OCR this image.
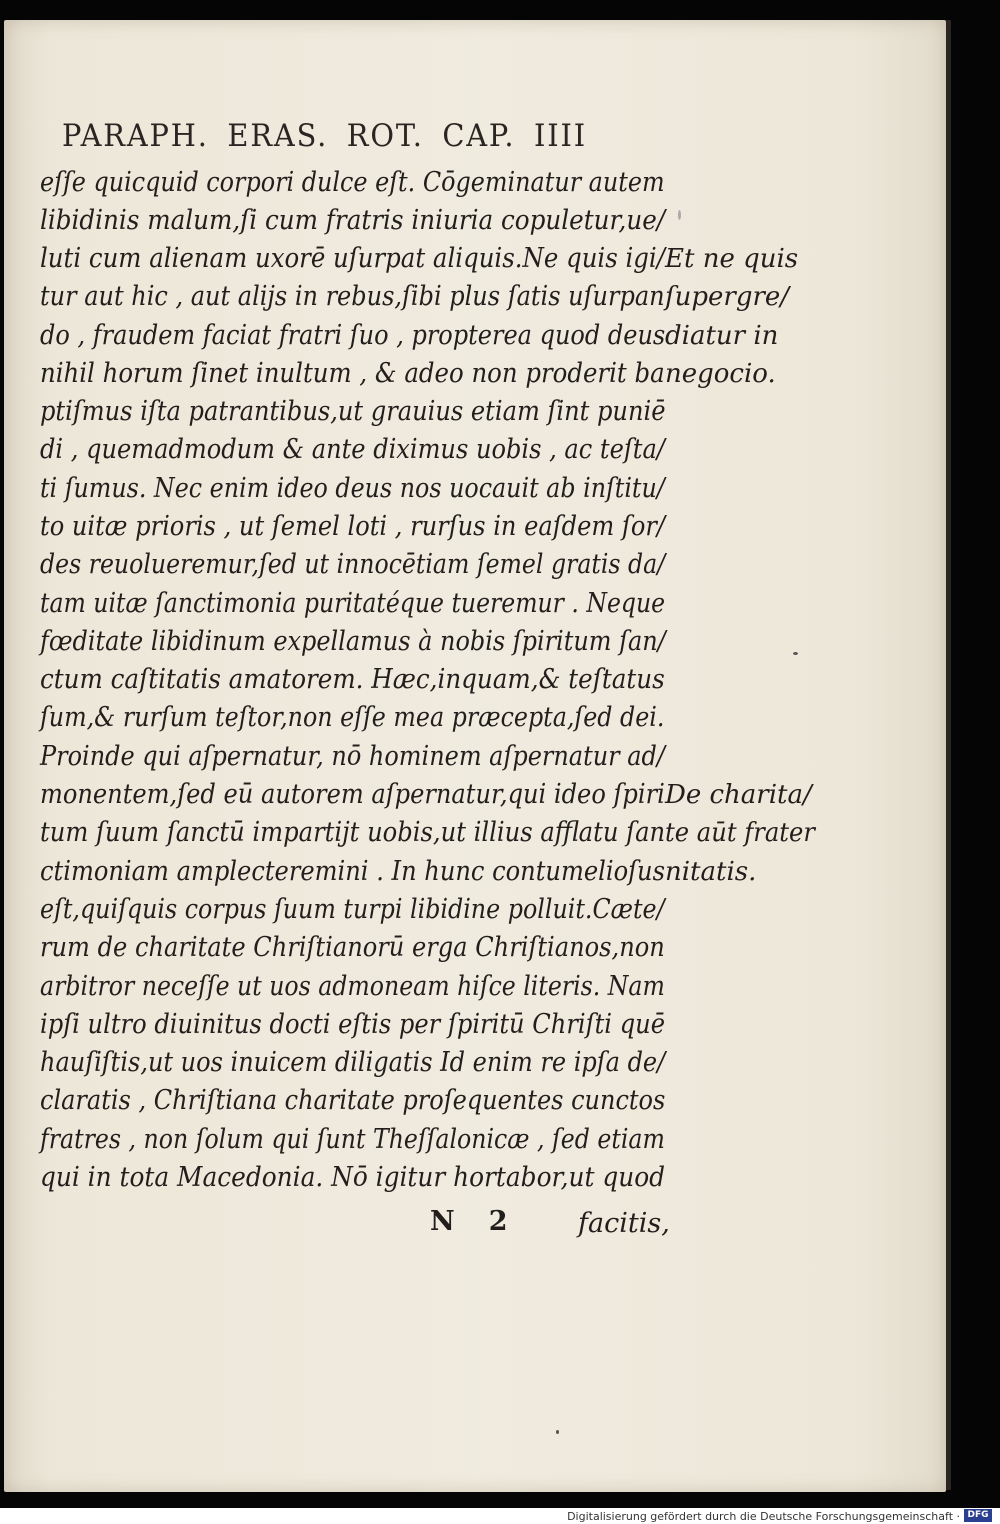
PARAPH. ERAS. ROT. CAP. IIII
eſſe quicquid corpori dulce eſt. Cōgeminatur autem
libidinis malum,ſi cum fratris iniuria copuletur,ue/
luti cum alienam uxorē uſurpat aliquis.Ne quis igi/
tur aut hic , aut aliјs in rebus,ſibi plus ſatis uſurpan
do , fraudem faciat fratri ſuo , propterea quod deus
nihil horum ſinet inultum , & adeo non proderit ba
ptiſmus iſta patrantibus,ut grauius etiam ſint puniē
di , quemadmodum & ante diximus uobis , ac teſta/
ti ſumus. Nec enim ideo deus nos uocauit ab inſtitu/
to uitæ prioris , ut ſemel loti , rurſus in eaſdem ſor/
des reuolueremur,ſed ut innocētiam ſemel gratis da/
tam uitæ ſanctimonia puritatéque tueremur . Neque
fœditate libidinum expellamus à nobis ſpiritum ſan/
ctum caſtitatis amatorem. Hæc,inquam,& teſtatus
ſum,& rurſum teſtor,non eſſe mea præcepta,ſed dei.
Proinde qui aſpernatur, nō hominem aſpernatur ad/
monentem,ſed eū autorem aſpernatur,qui ideo ſpiri
tum ſuum ſanctū impartiјt uobis,ut illius afflatu ſan
ctimoniam amplecteremini . In hunc contumelioſus
eſt,quiſquis corpus ſuum turpi libidine polluit.Cæte/
rum de charitate Chriſtianorū erga Chriſtianos,non
arbitror neceſſe ut uos admoneam hiſce literis. Nam
ipſi ultro diuinitus docti eſtis per ſpiritū Chriſti quē
hauſiſtis,ut uos inuicem diligatis Id enim re ipſa de/
claratis , Chriſtiana charitate proſequentes cunctos
fratres , non ſolum qui ſunt Theſſalonicæ , ſed etiam
qui in tota Macedonia. Nō igitur hortabor,ut quod
Et ne quis
ſupergre/
diatur in
negocio.
De charita/
te aūt frater
nitatis.
N 2	facitis,
Digitalisierung gefördert durch die Deutsche Forschungsgemeinschaft · DFG
